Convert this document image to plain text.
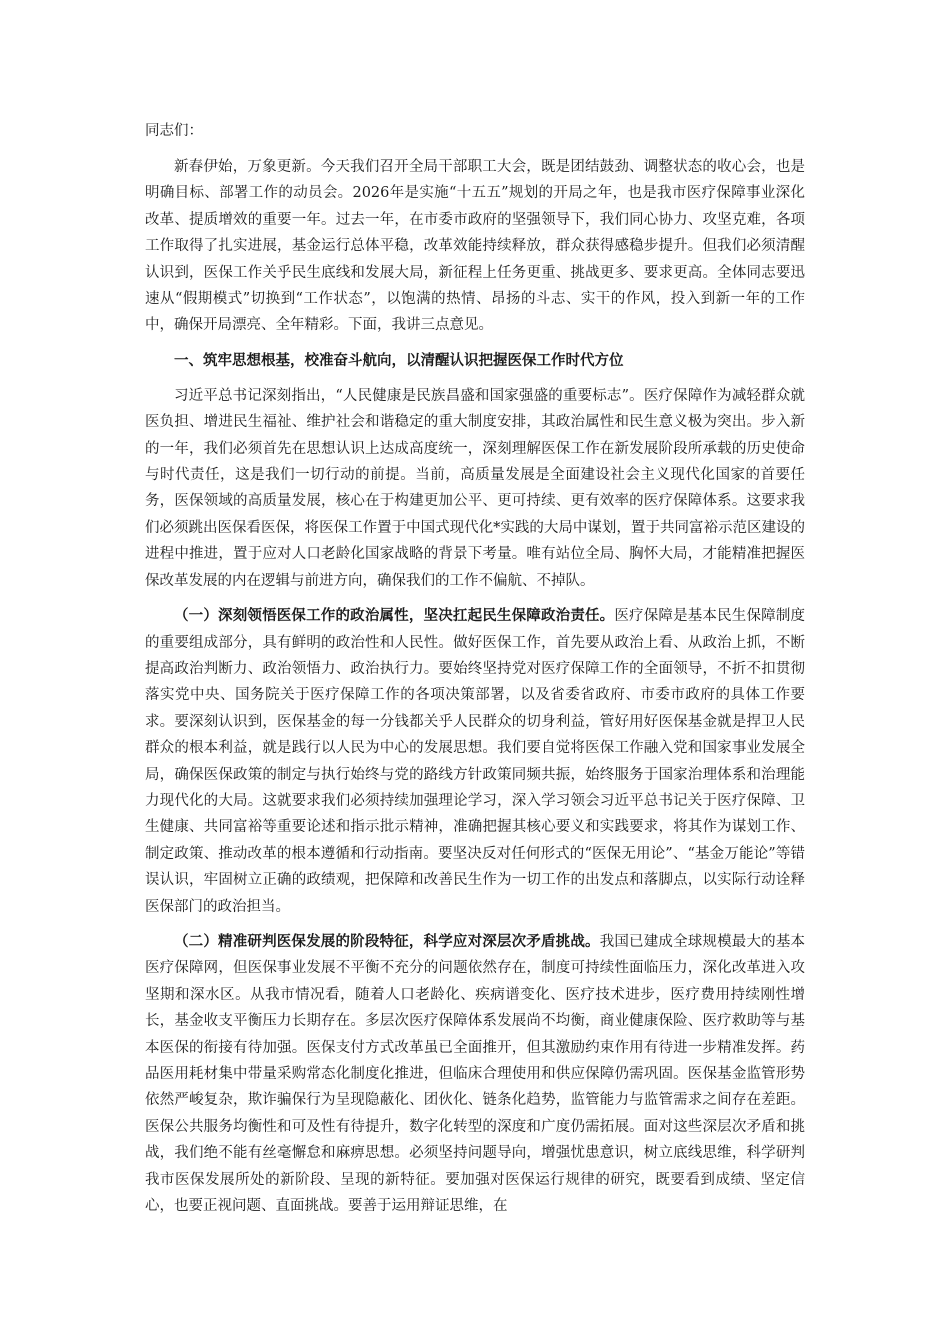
同志们：

新春伊始，万象更新。今天我们召开全局干部职工大会，既是团结鼓劲、调整状态的收心会，也是明确目标、部署工作的动员会。2026年是实施“十五五”规划的开局之年，也是我市医疗保障事业深化改革、提质增效的重要一年。过去一年，在市委市政府的坚强领导下，我们同心协力、攻坚克难，各项工作取得了扎实进展，基金运行总体平稳，改革效能持续释放，群众获得感稳步提升。但我们必须清醒认识到，医保工作关乎民生底线和发展大局，新征程上任务更重、挑战更多、要求更高。全体同志要迅速从“假期模式”切换到“工作状态”，以饱满的热情、昂扬的斗志、实干的作风，投入到新一年的工作中，确保开局漂亮、全年精彩。下面，我讲三点意见。

一、筑牢思想根基，校准奋斗航向，以清醒认识把握医保工作时代方位

习近平总书记深刻指出，“人民健康是民族昌盛和国家强盛的重要标志”。医疗保障作为减轻群众就医负担、增进民生福祉、维护社会和谐稳定的重大制度安排，其政治属性和民生意义极为突出。步入新的一年，我们必须首先在思想认识上达成高度统一，深刻理解医保工作在新发展阶段所承载的历史使命与时代责任，这是我们一切行动的前提。当前，高质量发展是全面建设社会主义现代化国家的首要任务，医保领域的高质量发展，核心在于构建更加公平、更可持续、更有效率的医疗保障体系。这要求我们必须跳出医保看医保，将医保工作置于中国式现代化*实践的大局中谋划，置于共同富裕示范区建设的进程中推进，置于应对人口老龄化国家战略的背景下考量。唯有站位全局、胸怀大局，才能精准把握医保改革发展的内在逻辑与前进方向，确保我们的工作不偏航、不掉队。

（一）深刻领悟医保工作的政治属性，坚决扛起民生保障政治责任。医疗保障是基本民生保障制度的重要组成部分，具有鲜明的政治性和人民性。做好医保工作，首先要从政治上看、从政治上抓，不断提高政治判断力、政治领悟力、政治执行力。要始终坚持党对医疗保障工作的全面领导，不折不扣贯彻落实党中央、国务院关于医疗保障工作的各项决策部署，以及省委省政府、市委市政府的具体工作要求。要深刻认识到，医保基金的每一分钱都关乎人民群众的切身利益，管好用好医保基金就是捍卫人民群众的根本利益，就是践行以人民为中心的发展思想。我们要自觉将医保工作融入党和国家事业发展全局，确保医保政策的制定与执行始终与党的路线方针政策同频共振，始终服务于国家治理体系和治理能力现代化的大局。这就要求我们必须持续加强理论学习，深入学习领会习近平总书记关于医疗保障、卫生健康、共同富裕等重要论述和指示批示精神，准确把握其核心要义和实践要求，将其作为谋划工作、制定政策、推动改革的根本遵循和行动指南。要坚决反对任何形式的“医保无用论”、“基金万能论”等错误认识，牢固树立正确的政绩观，把保障和改善民生作为一切工作的出发点和落脚点，以实际行动诠释医保部门的政治担当。

（二）精准研判医保发展的阶段特征，科学应对深层次矛盾挑战。我国已建成全球规模最大的基本医疗保障网，但医保事业发展不平衡不充分的问题依然存在，制度可持续性面临压力，深化改革进入攻坚期和深水区。从我市情况看，随着人口老龄化、疾病谱变化、医疗技术进步，医疗费用持续刚性增长，基金收支平衡压力长期存在。多层次医疗保障体系发展尚不均衡，商业健康保险、医疗救助等与基本医保的衔接有待加强。医保支付方式改革虽已全面推开，但其激励约束作用有待进一步精准发挥。药品医用耗材集中带量采购常态化制度化推进，但临床合理使用和供应保障仍需巩固。医保基金监管形势依然严峻复杂，欺诈骗保行为呈现隐蔽化、团伙化、链条化趋势，监管能力与监管需求之间存在差距。医保公共服务均衡性和可及性有待提升，数字化转型的深度和广度仍需拓展。面对这些深层次矛盾和挑战，我们绝不能有丝毫懈怠和麻痹思想。必须坚持问题导向，增强忧患意识，树立底线思维，科学研判我市医保发展所处的新阶段、呈现的新特征。要加强对医保运行规律的研究，既要看到成绩、坚定信心，也要正视问题、直面挑战。要善于运用辩证思维，在
